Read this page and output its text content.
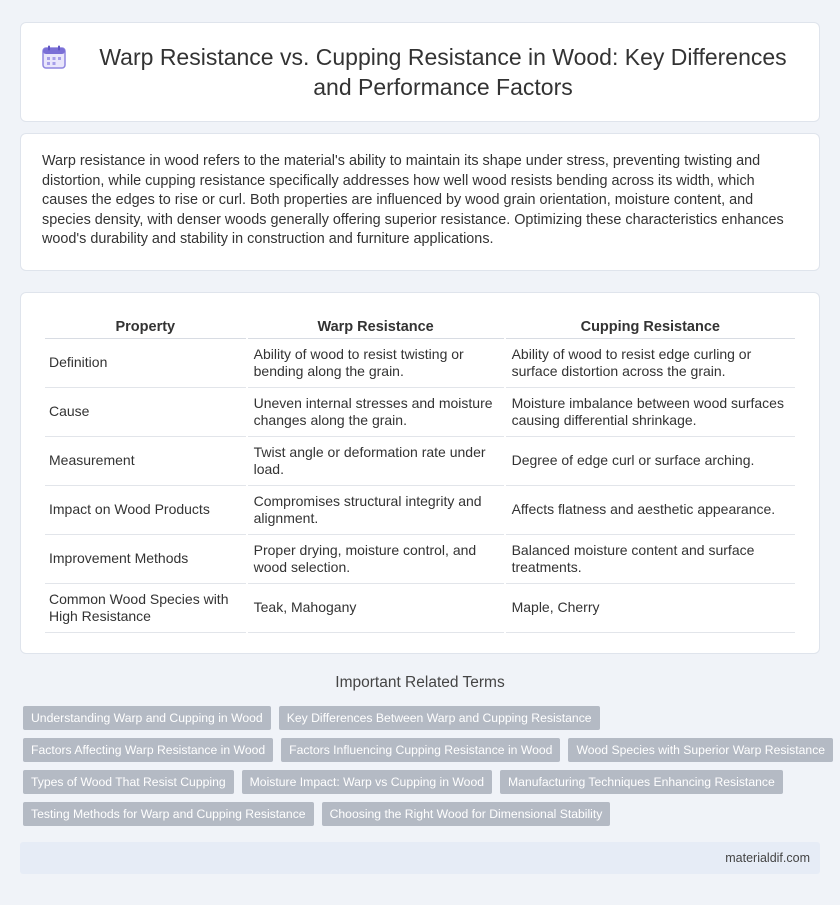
Warp Resistance vs. Cupping Resistance in Wood: Key Differences and Performance Factors

Warp resistance in wood refers to the material's ability to maintain its shape under stress, preventing twisting and distortion, while cupping resistance specifically addresses how well wood resists bending across its width, which causes the edges to rise or curl. Both properties are influenced by wood grain orientation, moisture content, and species density, with denser woods generally offering superior resistance. Optimizing these characteristics enhances wood's durability and stability in construction and furniture applications.

Property	Warp Resistance	Cupping Resistance
Definition	Ability of wood to resist twisting or bending along the grain.	Ability of wood to resist edge curling or surface distortion across the grain.
Cause	Uneven internal stresses and moisture changes along the grain.	Moisture imbalance between wood surfaces causing differential shrinkage.
Measurement	Twist angle or deformation rate under load.	Degree of edge curl or surface arching.
Impact on Wood Products	Compromises structural integrity and alignment.	Affects flatness and aesthetic appearance.
Improvement Methods	Proper drying, moisture control, and wood selection.	Balanced moisture content and surface treatments.
Common Wood Species with High Resistance	Teak, Mahogany	Maple, Cherry
Important Related Terms
Understanding Warp and Cupping in Wood	Key Differences Between Warp and Cupping Resistance
Factors Affecting Warp Resistance in Wood	Factors Influencing Cupping Resistance in Wood	Wood Species with Superior Warp Resistance
Types of Wood That Resist Cupping	Moisture Impact: Warp vs Cupping in Wood	Manufacturing Techniques Enhancing Resistance
Testing Methods for Warp and Cupping Resistance	Choosing the Right Wood for Dimensional Stability
materialdif.com
